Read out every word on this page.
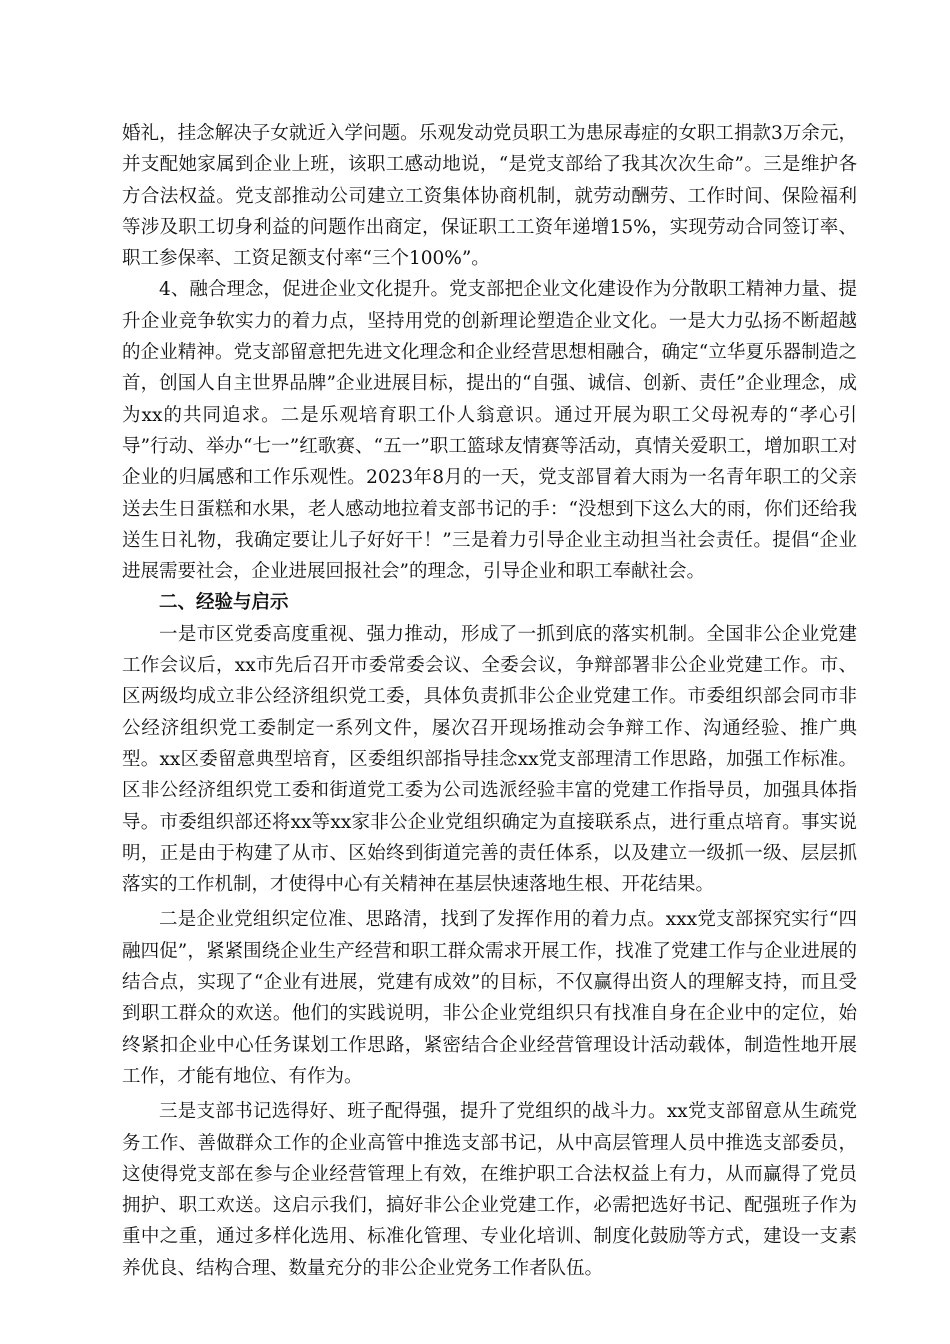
婚礼，挂念解决子女就近入学问题。乐观发动党员职工为患尿毒症的女职工捐款3万余元，并支配她家属到企业上班，该职工感动地说，“是党支部给了我其次次生命”。三是维护各方合法权益。党支部推动公司建立工资集体协商机制，就劳动酬劳、工作时间、保险福利等涉及职工切身利益的问题作出商定，保证职工工资年递增15%，实现劳动合同签订率、职工参保率、工资足额支付率“三个100%”。

4、融合理念，促进企业文化提升。党支部把企业文化建设作为分散职工精神力量、提升企业竞争软实力的着力点，坚持用党的创新理论塑造企业文化。一是大力弘扬不断超越的企业精神。党支部留意把先进文化理念和企业经营思想相融合，确定“立华夏乐器制造之首，创国人自主世界品牌”企业进展目标，提出的“自强、诚信、创新、责任”企业理念，成为xx的共同追求。二是乐观培育职工仆人翁意识。通过开展为职工父母祝寿的“孝心引导”行动、举办“七一”红歌赛、“五一”职工篮球友情赛等活动，真情关爱职工，增加职工对企业的归属感和工作乐观性。2023年8月的一天，党支部冒着大雨为一名青年职工的父亲送去生日蛋糕和水果，老人感动地拉着支部书记的手：“没想到下这么大的雨，你们还给我送生日礼物，我确定要让儿子好好干！”三是着力引导企业主动担当社会责任。提倡“企业进展需要社会，企业进展回报社会”的理念，引导企业和职工奉献社会。

二、经验与启示

一是市区党委高度重视、强力推动，形成了一抓到底的落实机制。全国非公企业党建工作会议后，xx市先后召开市委常委会议、全委会议，争辩部署非公企业党建工作。市、区两级均成立非公经济组织党工委，具体负责抓非公企业党建工作。市委组织部会同市非公经济组织党工委制定一系列文件，屡次召开现场推动会争辩工作、沟通经验、推广典型。xx区委留意典型培育，区委组织部指导挂念xx党支部理清工作思路，加强工作标准。区非公经济组织党工委和街道党工委为公司选派经验丰富的党建工作指导员，加强具体指导。市委组织部还将xx等xx家非公企业党组织确定为直接联系点，进行重点培育。事实说明，正是由于构建了从市、区始终到街道完善的责任体系，以及建立一级抓一级、层层抓落实的工作机制，才使得中心有关精神在基层快速落地生根、开花结果。

二是企业党组织定位准、思路清，找到了发挥作用的着力点。xxx党支部探究实行“四融四促”，紧紧围绕企业生产经营和职工群众需求开展工作，找准了党建工作与企业进展的结合点，实现了“企业有进展，党建有成效”的目标，不仅赢得出资人的理解支持，而且受到职工群众的欢送。他们的实践说明，非公企业党组织只有找准自身在企业中的定位，始终紧扣企业中心任务谋划工作思路，紧密结合企业经营管理设计活动载体，制造性地开展工作，才能有地位、有作为。

三是支部书记选得好、班子配得强，提升了党组织的战斗力。xx党支部留意从生疏党务工作、善做群众工作的企业高管中推选支部书记，从中高层管理人员中推选支部委员，这使得党支部在参与企业经营管理上有效，在维护职工合法权益上有力，从而赢得了党员拥护、职工欢送。这启示我们，搞好非公企业党建工作，必需把选好书记、配强班子作为重中之重，通过多样化选用、标准化管理、专业化培训、制度化鼓励等方式，建设一支素养优良、结构合理、数量充分的非公企业党务工作者队伍。
